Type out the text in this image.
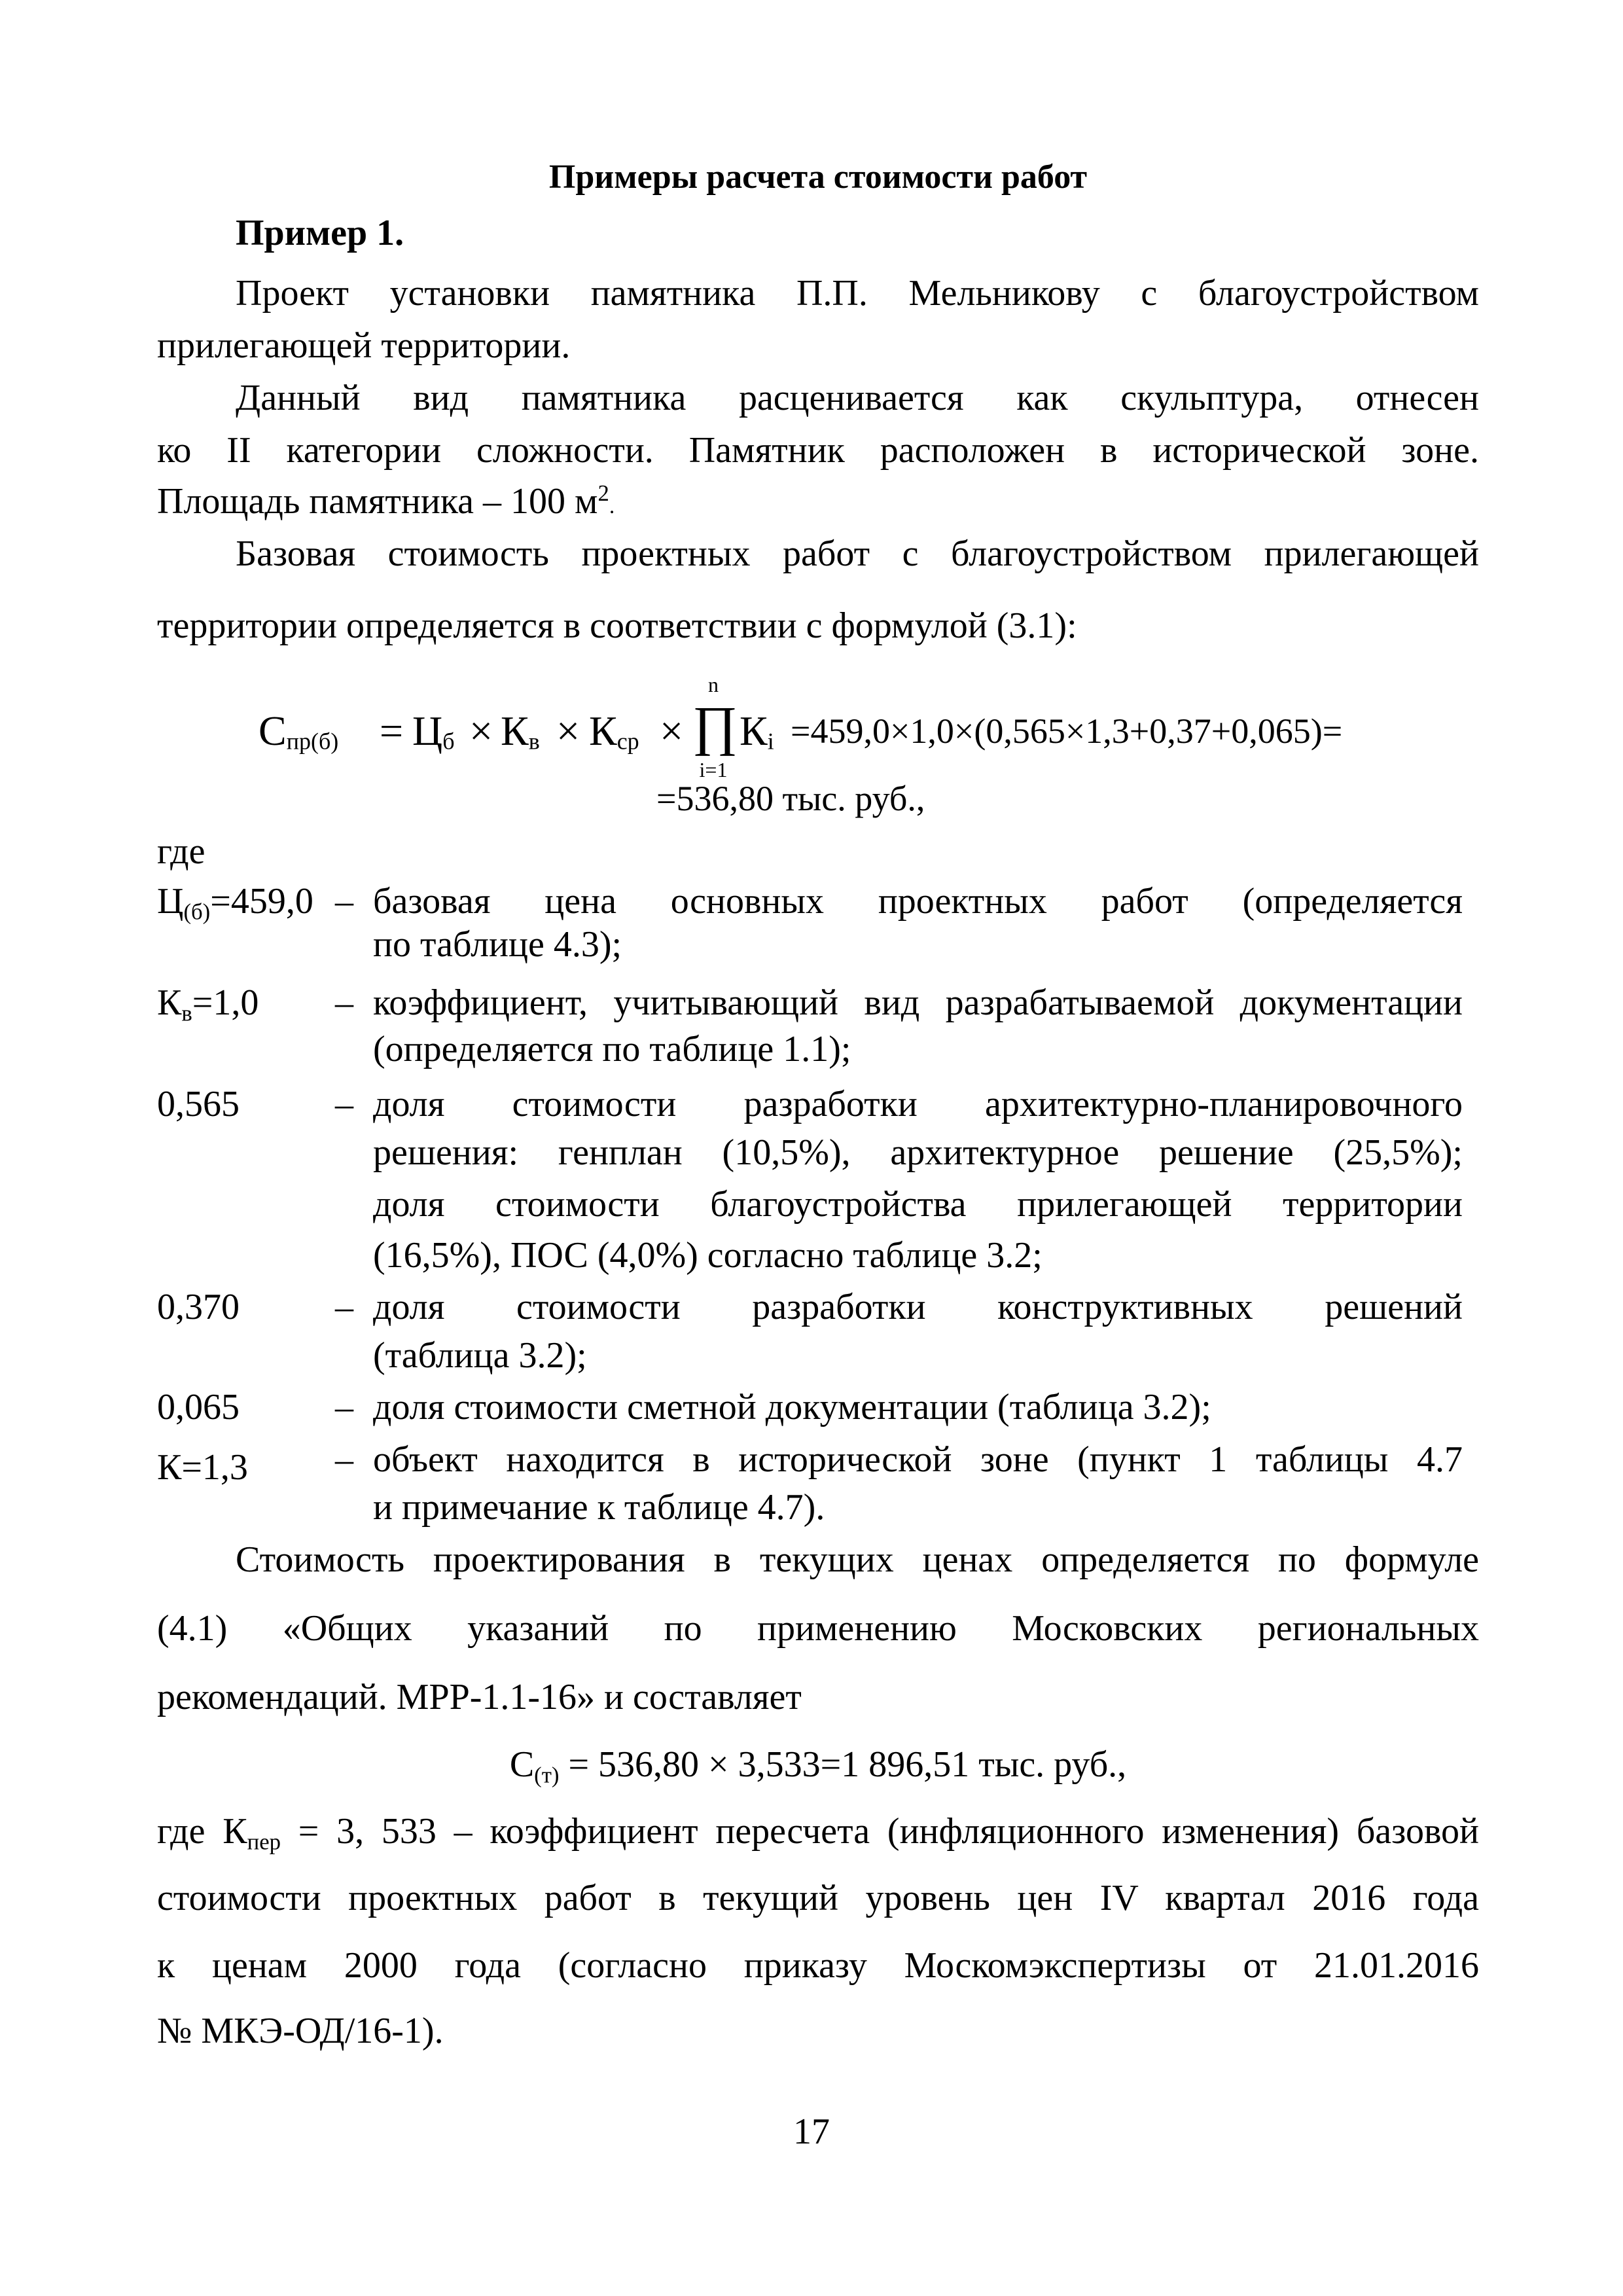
Примеры расчета стоимости работ
Пример 1.
Проект установки памятника П.П. Мельникову с благоустройством
прилегающей территории.
Данный вид памятника расценивается как скульптура, отнесен
ко II категории сложности. Памятник расположен в исторической зоне.
Площадь памятника – 100 $м^2$.
Базовая стоимость проектных работ с благоустройством прилегающей
территории определяется в соответствии с формулой (3.1):
$С_{пр(б)} = Ц_б \times К_в \times К_{ср}$ ×
n
∏
i=1
$К_i =459,0\times 1,0\times(0,565\times 1,3+0,37+0,065)=$
=536,80 тыс. руб.,
где
$Ц_{(б)}=459,0$ – базовая цена основных проектных работ (определяется
по таблице 4.3);
$К_в=1,0$ – коэффициент, учитывающий вид разрабатываемой документации
(определяется по таблице 1.1);
0,565	– доля стоимости разработки архитектурно-планировочного
решения: генплан (10,5%), архитектурное решение (25,5%);
доля стоимости благоустройства прилегающей территории
(16,5%), ПОС (4,0%) согласно таблице 3.2;
0,370	– доля стоимости разработки конструктивных решений
(таблица 3.2);
0,065	– доля стоимости сметной документации (таблица 3.2);
К=1,3 – объект находится в исторической зоне (пункт 1 таблицы 4.7
и примечание к таблице 4.7).
Стоимость проектирования в текущих ценах определяется по формуле
(4.1) «Общих указаний по применению Московских региональных
рекомендаций. МРР-1.1-16» и составляет
$С_{(т)} = 536,80 \times 3,533=1$ 896,51 тыс. руб.,
где $К_{пер} = 3$, 533 – коэффициент пересчета (инфляционного изменения) базовой
стоимости проектных работ в текущий уровень цен IV квартал 2016 года
к ценам 2000 года (согласно приказу Москомэкспертизы от 21.01.2016
№ МКЭ-ОД/16-1).
17
